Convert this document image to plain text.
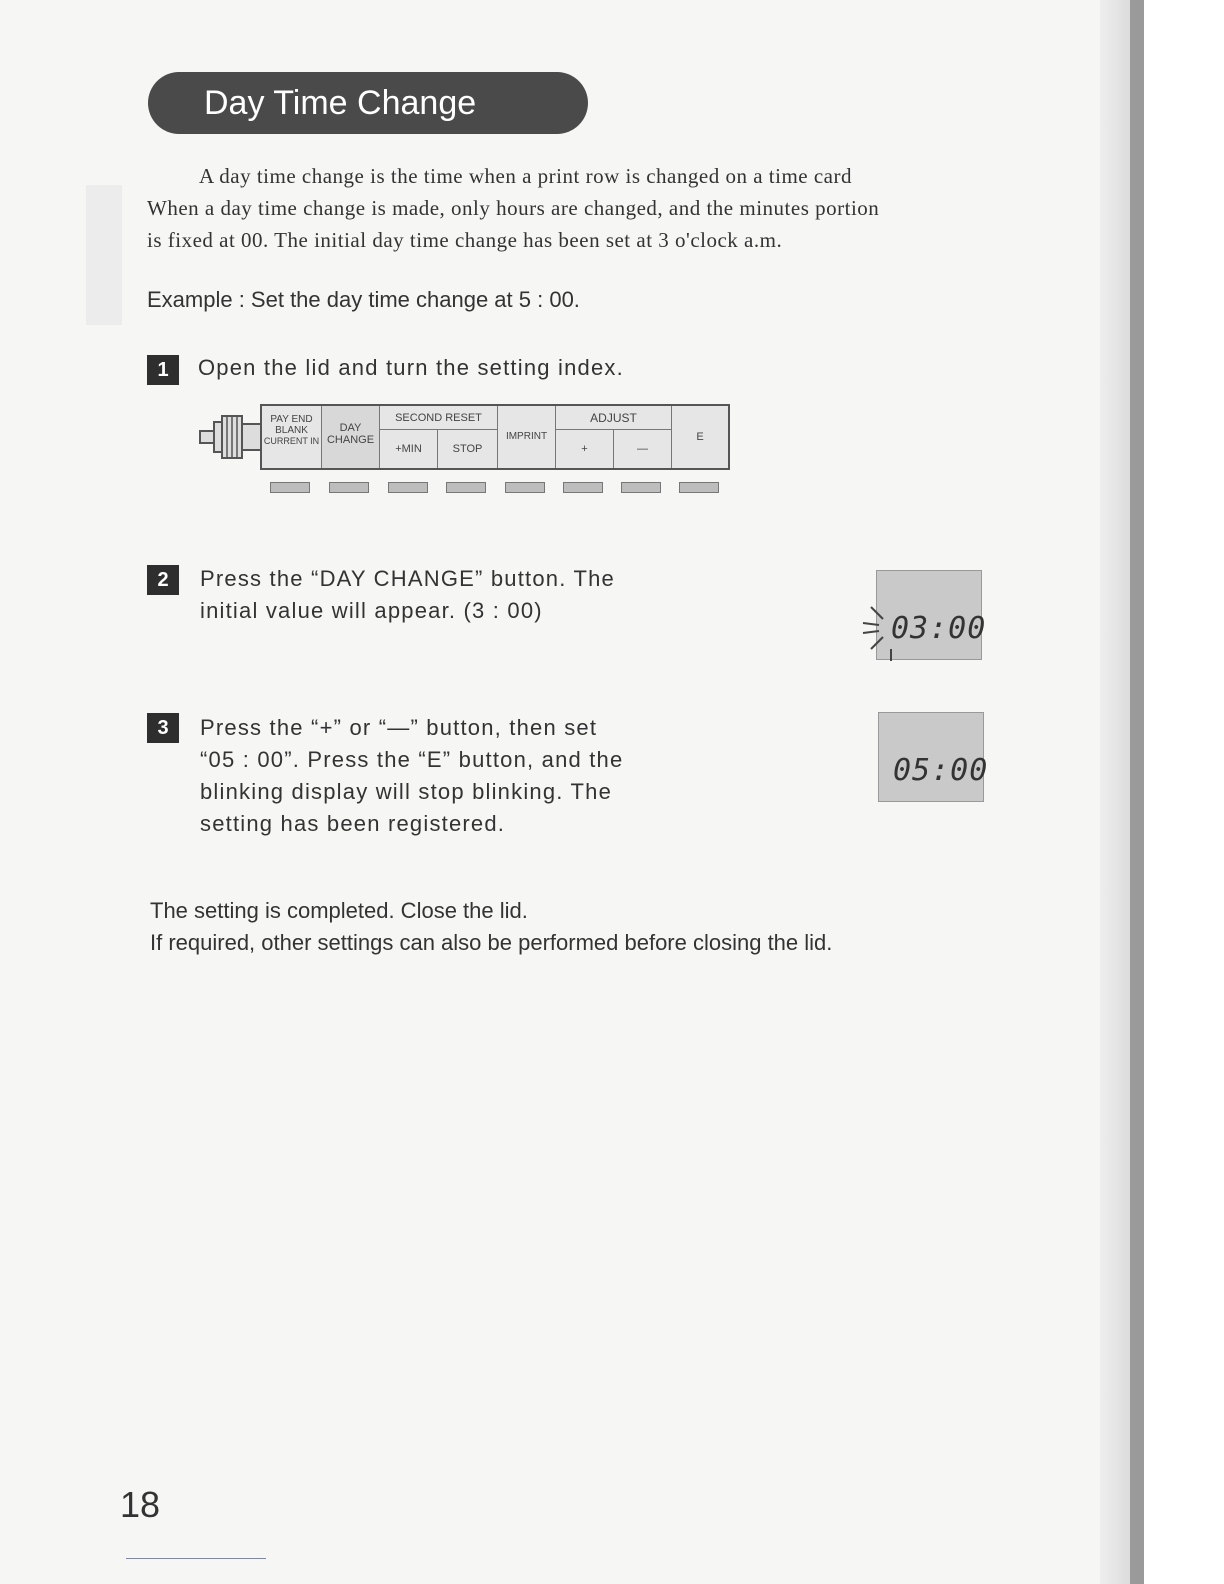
Day Time Change

A day time change is the time when a print row is changed on a time card

When a day time change is made, only hours are changed, and the minutes portion

is fixed at 00. The initial day time change has been set at 3 o'clock a.m.

Example : Set the day time change at 5 : 00.
1	Open the lid and turn the setting index.

PAY END
BLANK
CURRENT IN
DAY
CHANGE
SECOND RESET
+MIN	STOP
IMPRINT
ADJUST
+	—
E
2	Press the “DAY CHANGE” button. The

initial value will appear. (3 : 00)

03:00
3	Press the “+” or “—” button, then set

“05 : 00”. Press the “E” button, and the

blinking display will stop blinking. The

setting has been registered.

05:00

The setting is completed. Close the lid.

If required, other settings can also be performed before closing the lid.

18
